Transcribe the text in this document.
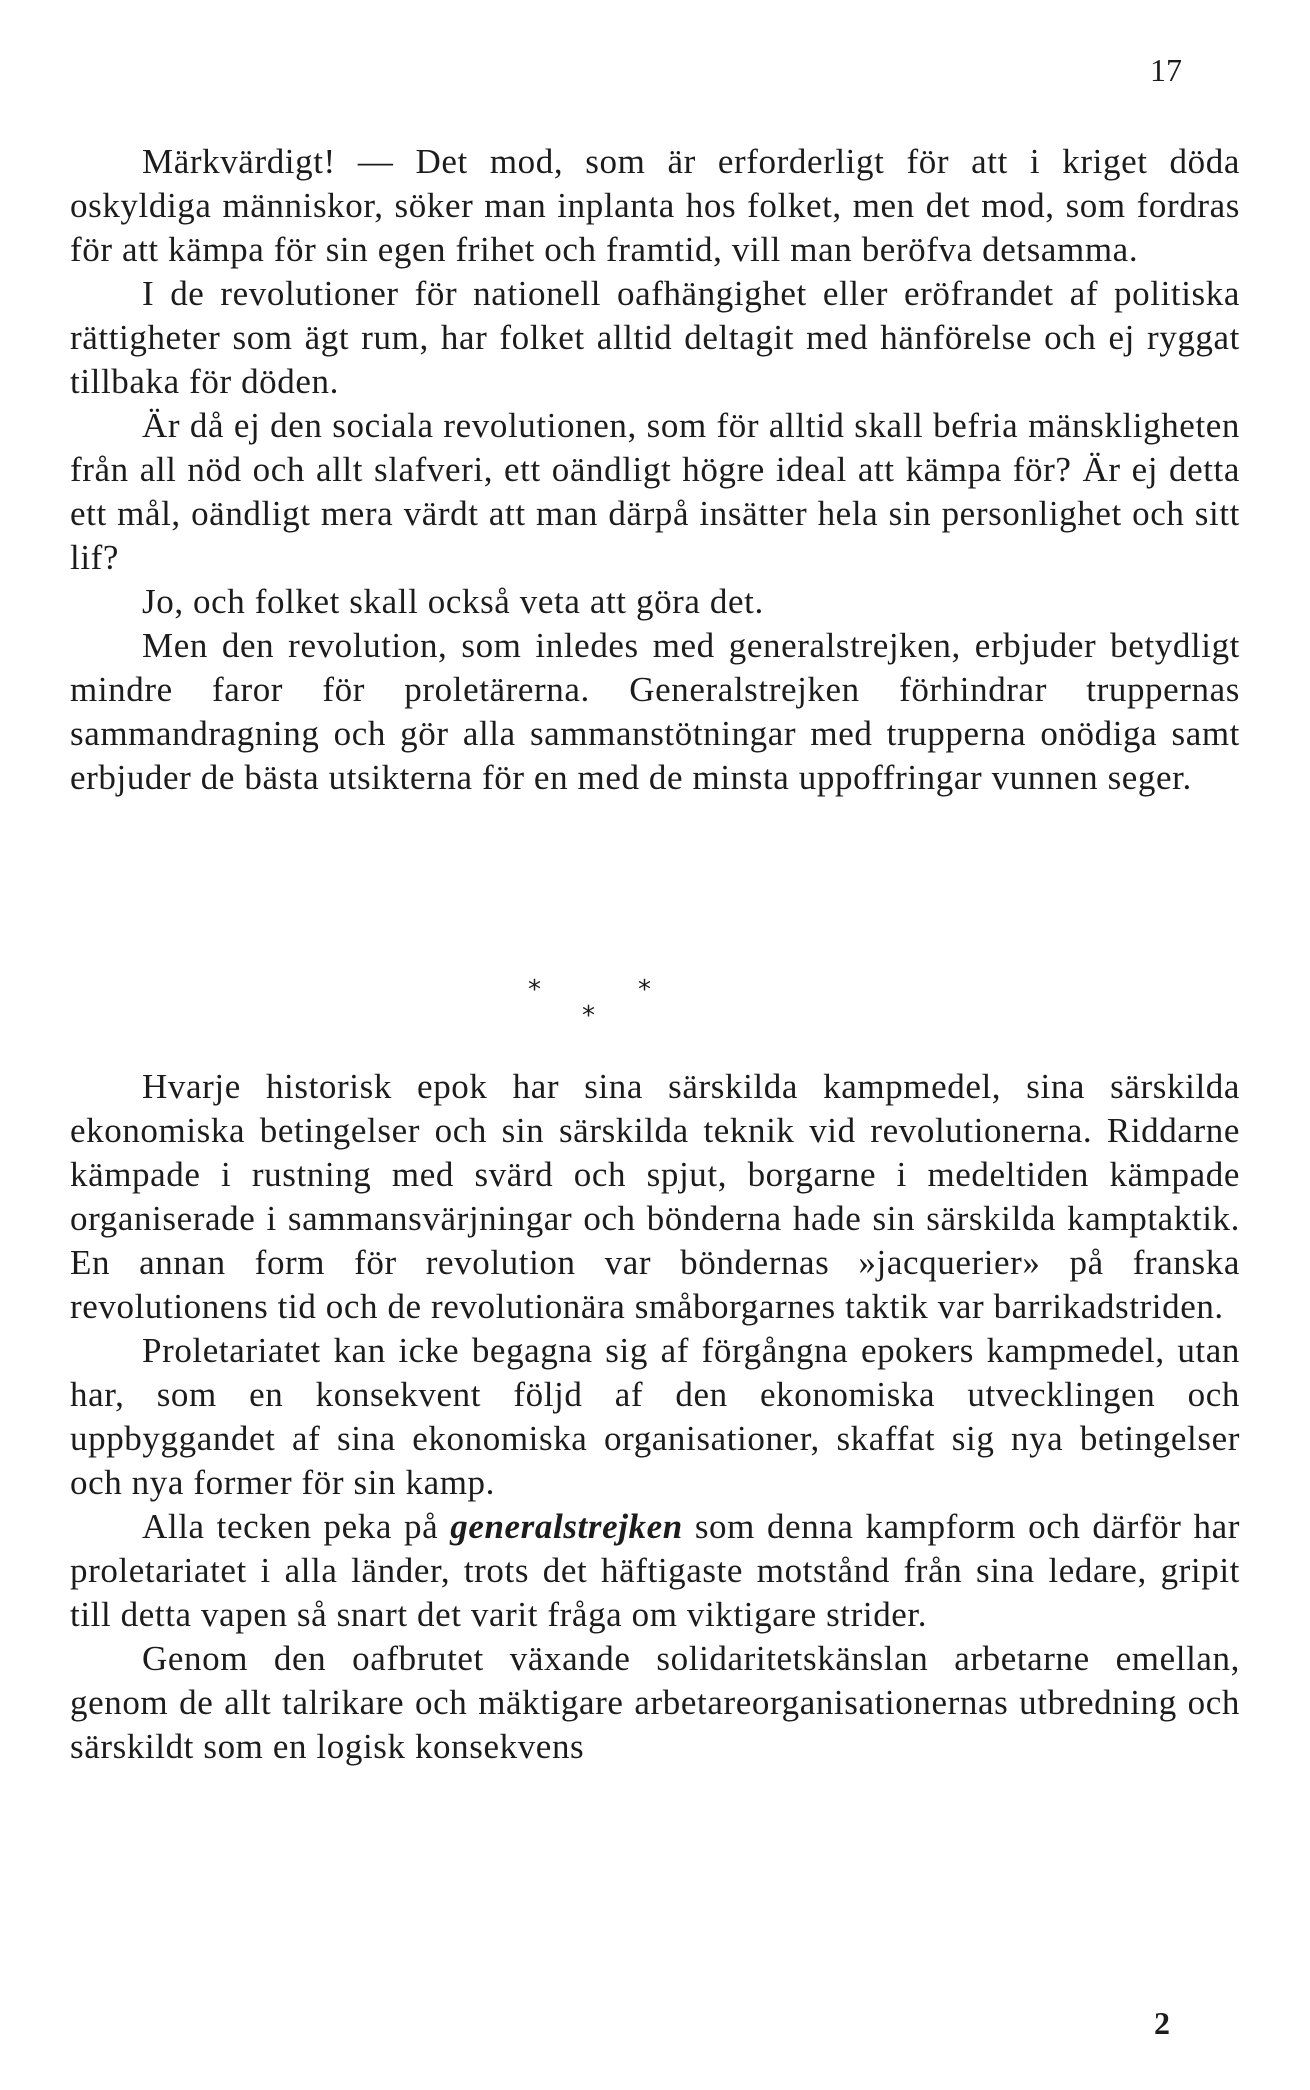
17

Märkvärdigt! — Det mod, som är erforderligt för att i kriget döda oskyldiga människor, söker man inplanta hos folket, men det mod, som fordras för att kämpa för sin egen frihet och framtid, vill man beröfva detsamma.

I de revolutioner för nationell oafhängighet eller eröfrandet af politiska rättigheter som ägt rum, har folket alltid deltagit med hänförelse och ej ryggat tillbaka för döden.

Är då ej den sociala revolutionen, som för alltid skall befria mänskligheten från all nöd och allt slafveri, ett oändligt högre ideal att kämpa för? Är ej detta ett mål, oändligt mera värdt att man därpå insätter hela sin personlighet och sitt lif?

Jo, och folket skall också veta att göra det.

Men den revolution, som inledes med generalstrejken, erbjuder betydligt mindre faror för proletärerna. Generalstrejken förhindrar truppernas sammandragning och gör alla sammanstötningar med trupperna onödiga samt erbjuder de bästa utsikterna för en med de minsta uppoffringar vunnen seger.

*	*
*

Hvarje historisk epok har sina särskilda kampmedel, sina särskilda ekonomiska betingelser och sin särskilda teknik vid revolutionerna. Riddarne kämpade i rustning med svärd och spjut, borgarne i medeltiden kämpade organiserade i sammansvärjningar och bönderna hade sin särskilda kamptaktik. En annan form för revolution var böndernas »jacquerier» på franska revolutionens tid och de revolutionära småborgarnes taktik var barrikadstriden.

Proletariatet kan icke begagna sig af förgångna epokers kampmedel, utan har, som en konsekvent följd af den ekonomiska utvecklingen och uppbyggandet af sina ekonomiska organisationer, skaffat sig nya betingelser och nya former för sin kamp.

Alla tecken peka på generalstrejken som denna kampform och därför har proletariatet i alla länder, trots det häftigaste motstånd från sina ledare, gripit till detta vapen så snart det varit fråga om viktigare strider.

Genom den oafbrutet växande solidaritetskänslan arbetarne emellan, genom de allt talrikare och mäktigare arbetareorganisationernas utbredning och särskildt som en logisk konsekvens

2
